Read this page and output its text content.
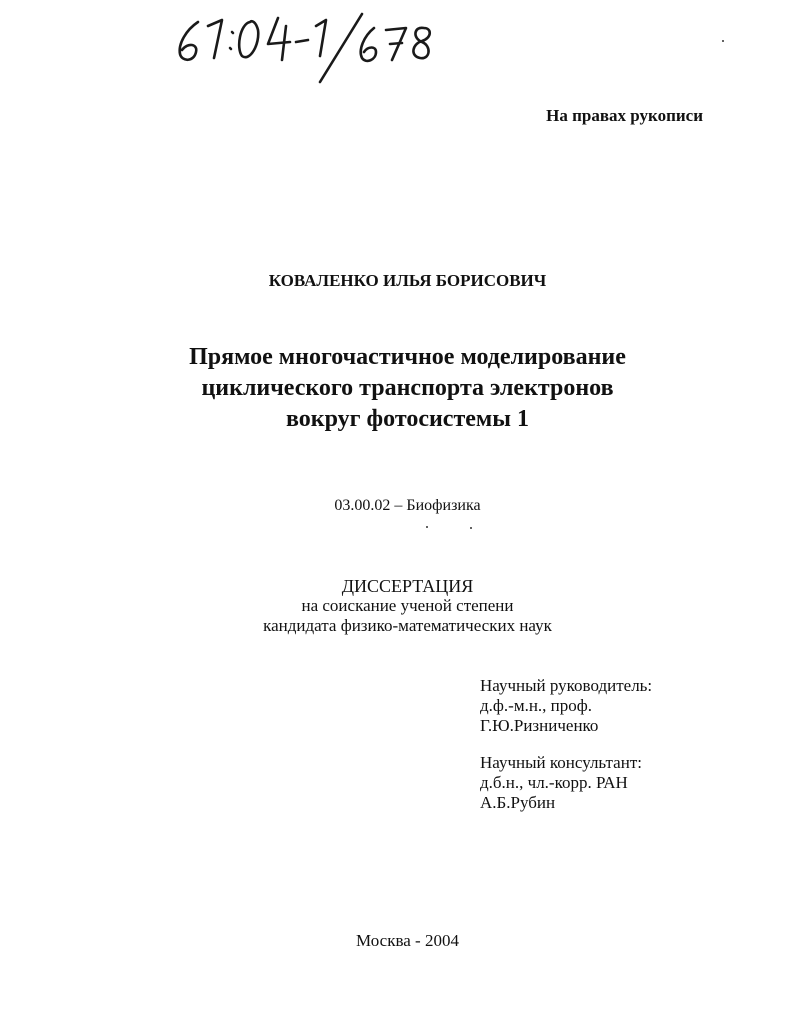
На правах рукописи
КОВАЛЕНКО ИЛЬЯ БОРИСОВИЧ
Прямое многочастичное моделирование
циклического транспорта электронов
вокруг фотосистемы 1
03.00.02 – Биофизика
ДИССЕРТАЦИЯ
на соискание ученой степени
кандидата физико-математических наук
Научный руководитель:
д.ф.-м.н., проф.
Г.Ю.Ризниченко
Научный консультант:
д.б.н., чл.-корр. РАН
А.Б.Рубин
Москва - 2004
